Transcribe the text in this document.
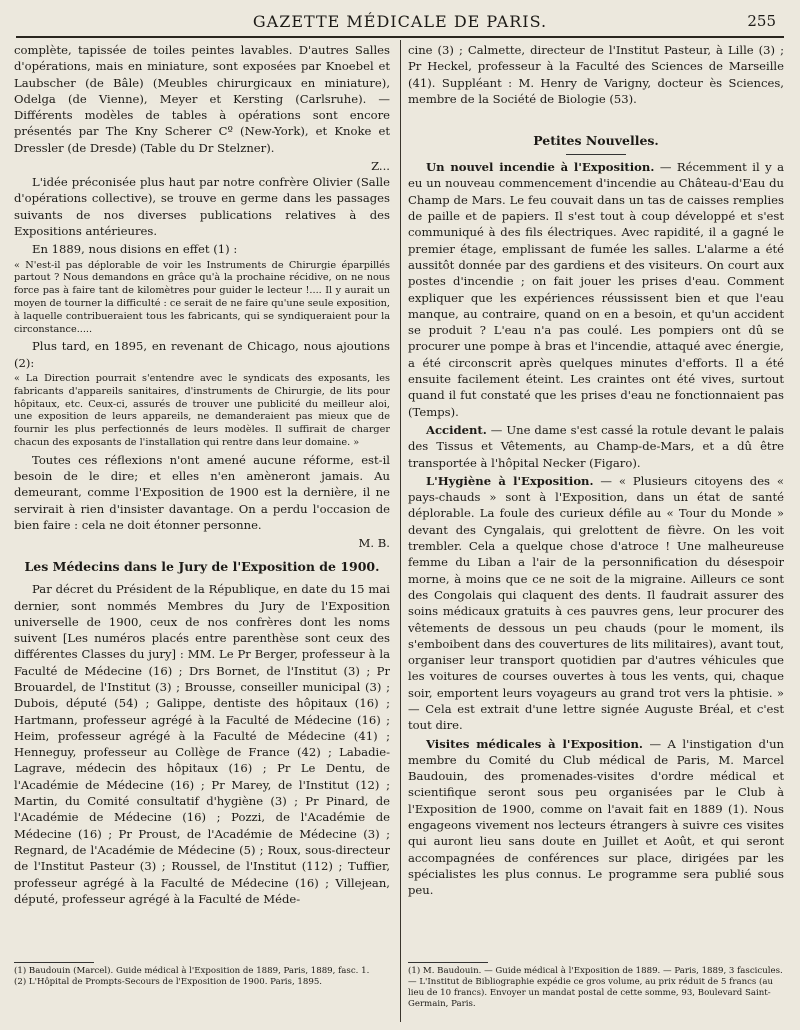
GAZETTE MÉDICALE DE PARIS.	255

complète, tapissée de toiles peintes lavables. D'autres Salles d'opérations, mais en miniature, sont exposées par Knoebel et Laubscher (de Bâle) (Meubles chirurgicaux en miniature), Odelga (de Vienne), Meyer et Kersting (Carlsruhe). — Différents modèles de tables à opérations sont encore présentés par The Kny Scherer Cº (New-York), et Knoke et Dressler (de Dresde) (Table du Dr Stelzner).

Z...

L'idée préconisée plus haut par notre confrère Olivier (Salle d'opérations collective), se trouve en germe dans les passages suivants de nos diverses publications relatives à des Expositions antérieures.

En 1889, nous disions en effet (1) :

« N'est-il pas déplorable de voir les Instruments de Chirurgie éparpillés partout ? Nous demandons en grâce qu'à la prochaine récidive, on ne nous force pas à faire tant de kilomètres pour guider le lecteur !.... Il y aurait un moyen de tourner la difficulté : ce serait de ne faire qu'une seule exposition, à laquelle contribueraient tous les fabricants, qui se syndiqueraient pour la circonstance.....

Plus tard, en 1895, en revenant de Chicago, nous ajoutions (2):

« La Direction pourrait s'entendre avec le syndicats des exposants, les fabricants d'appareils sanitaires, d'instruments de Chirurgie, de lits pour hôpitaux, etc. Ceux-ci, assurés de trouver une publicité du meilleur aloi, une exposition de leurs appareils, ne demanderaient pas mieux que de fournir les plus perfectionnés de leurs modèles. Il suffirait de charger chacun des exposants de l'installation qui rentre dans leur domaine. »

Toutes ces réflexions n'ont amené aucune réforme, est-il besoin de le dire; et elles n'en amèneront jamais. Au demeurant, comme l'Exposition de 1900 est la dernière, il ne servirait à rien d'insister davantage. On a perdu l'occasion de bien faire : cela ne doit étonner personne.

M. B.
Les Médecins dans le Jury de l'Exposition de 1900.

Par décret du Président de la République, en date du 15 mai dernier, sont nommés Membres du Jury de l'Exposition universelle de 1900, ceux de nos confrères dont les noms suivent [Les numéros placés entre parenthèse sont ceux des différentes Classes du jury] : MM. Le Pr Berger, professeur à la Faculté de Médecine (16) ; Drs Bornet, de l'Institut (3) ; Pr Brouardel, de l'Institut (3) ; Brousse, conseiller municipal (3) ; Dubois, député (54) ; Galippe, dentiste des hôpitaux (16) ; Hartmann, professeur agrégé à la Faculté de Médecine (16) ; Heim, professeur agrégé à la Faculté de Médecine (41) ; Henneguy, professeur au Collège de France (42) ; Labadie-Lagrave, médecin des hôpitaux (16) ; Pr Le Dentu, de l'Académie de Médecine (16) ; Pr Marey, de l'Institut (12) ; Martin, du Comité consultatif d'hygiène (3) ; Pr Pinard, de l'Académie de Médecine (16) ; Pozzi, de l'Académie de Médecine (16) ; Pr Proust, de l'Académie de Médecine (3) ; Regnard, de l'Académie de Médecine (5) ; Roux, sous-directeur de l'Institut Pasteur (3) ; Roussel, de l'Institut (112) ; Tuffier, professeur agrégé à la Faculté de Médecine (16) ; Villejean, député, professeur agrégé à la Faculté de Méde-

(1) Baudouin (Marcel). Guide médical à l'Exposition de 1889, Paris, 1889, fasc. 1.
(2) L'Hôpital de Prompts-Secours de l'Exposition de 1900. Paris, 1895.

cine (3) ; Calmette, directeur de l'Institut Pasteur, à Lille (3) ; Pr Heckel, professeur à la Faculté des Sciences de Marseille (41). Suppléant : M. Henry de Varigny, docteur ès Sciences, membre de la Société de Biologie (53).

Petites Nouvelles.

Un nouvel incendie à l'Exposition. — Récemment il y a eu un nouveau commencement d'incendie au Château-d'Eau du Champ de Mars. Le feu couvait dans un tas de caisses remplies de paille et de papiers. Il s'est tout à coup développé et s'est communiqué à des fils électriques. Avec rapidité, il a gagné le premier étage, emplissant de fumée les salles. L'alarme a été aussitôt donnée par des gardiens et des visiteurs. On court aux postes d'incendie ; on fait jouer les prises d'eau. Comment expliquer que les expériences réussissent bien et que l'eau manque, au contraire, quand on en a besoin, et qu'un accident se produit ? L'eau n'a pas coulé. Les pompiers ont dû se procurer une pompe à bras et l'incendie, attaqué avec énergie, a été circonscrit après quelques minutes d'efforts. Il a été ensuite facilement éteint. Les craintes ont été vives, surtout quand il fut constaté que les prises d'eau ne fonctionnaient pas (Temps).

Accident. — Une dame s'est cassé la rotule devant le palais des Tissus et Vêtements, au Champ-de-Mars, et a dû être transportée à l'hôpital Necker (Figaro).

L'Hygiène à l'Exposition. — « Plusieurs citoyens des « pays-chauds » sont à l'Exposition, dans un état de santé déplorable. La foule des curieux défile au « Tour du Monde » devant des Cyngalais, qui grelottent de fièvre. On les voit trembler. Cela a quelque chose d'atroce ! Une malheureuse femme du Liban a l'air de la personnification du désespoir morne, à moins que ce ne soit de la migraine. Ailleurs ce sont des Congolais qui claquent des dents. Il faudrait assurer des soins médicaux gratuits à ces pauvres gens, leur procurer des vêtements de dessous un peu chauds (pour le moment, ils s'emboibent dans des couvertures de lits militaires), avant tout, organiser leur transport quotidien par d'autres véhicules que les voitures de courses ouvertes à tous les vents, qui, chaque soir, emportent leurs voyageurs au grand trot vers la phtisie. » — Cela est extrait d'une lettre signée Auguste Bréal, et c'est tout dire.

Visites médicales à l'Exposition. — A l'instigation d'un membre du Comité du Club médical de Paris, M. Marcel Baudouin, des promenades-visites d'ordre médical et scientifique seront sous peu organisées par le Club à l'Exposition de 1900, comme on l'avait fait en 1889 (1). Nous engageons vivement nos lecteurs étrangers à suivre ces visites qui auront lieu sans doute en Juillet et Août, et qui seront accompagnées de conférences sur place, dirigées par les spécialistes les plus connus. Le programme sera publié sous peu.

(1) M. Baudouin. — Guide médical à l'Exposition de 1889. — Paris, 1889, 3 fascicules. — L'Institut de Bibliographie expédie ce gros volume, au prix réduit de 5 francs (au lieu de 10 francs). Envoyer un mandat postal de cette somme, 93, Boulevard Saint-Germain, Paris.
